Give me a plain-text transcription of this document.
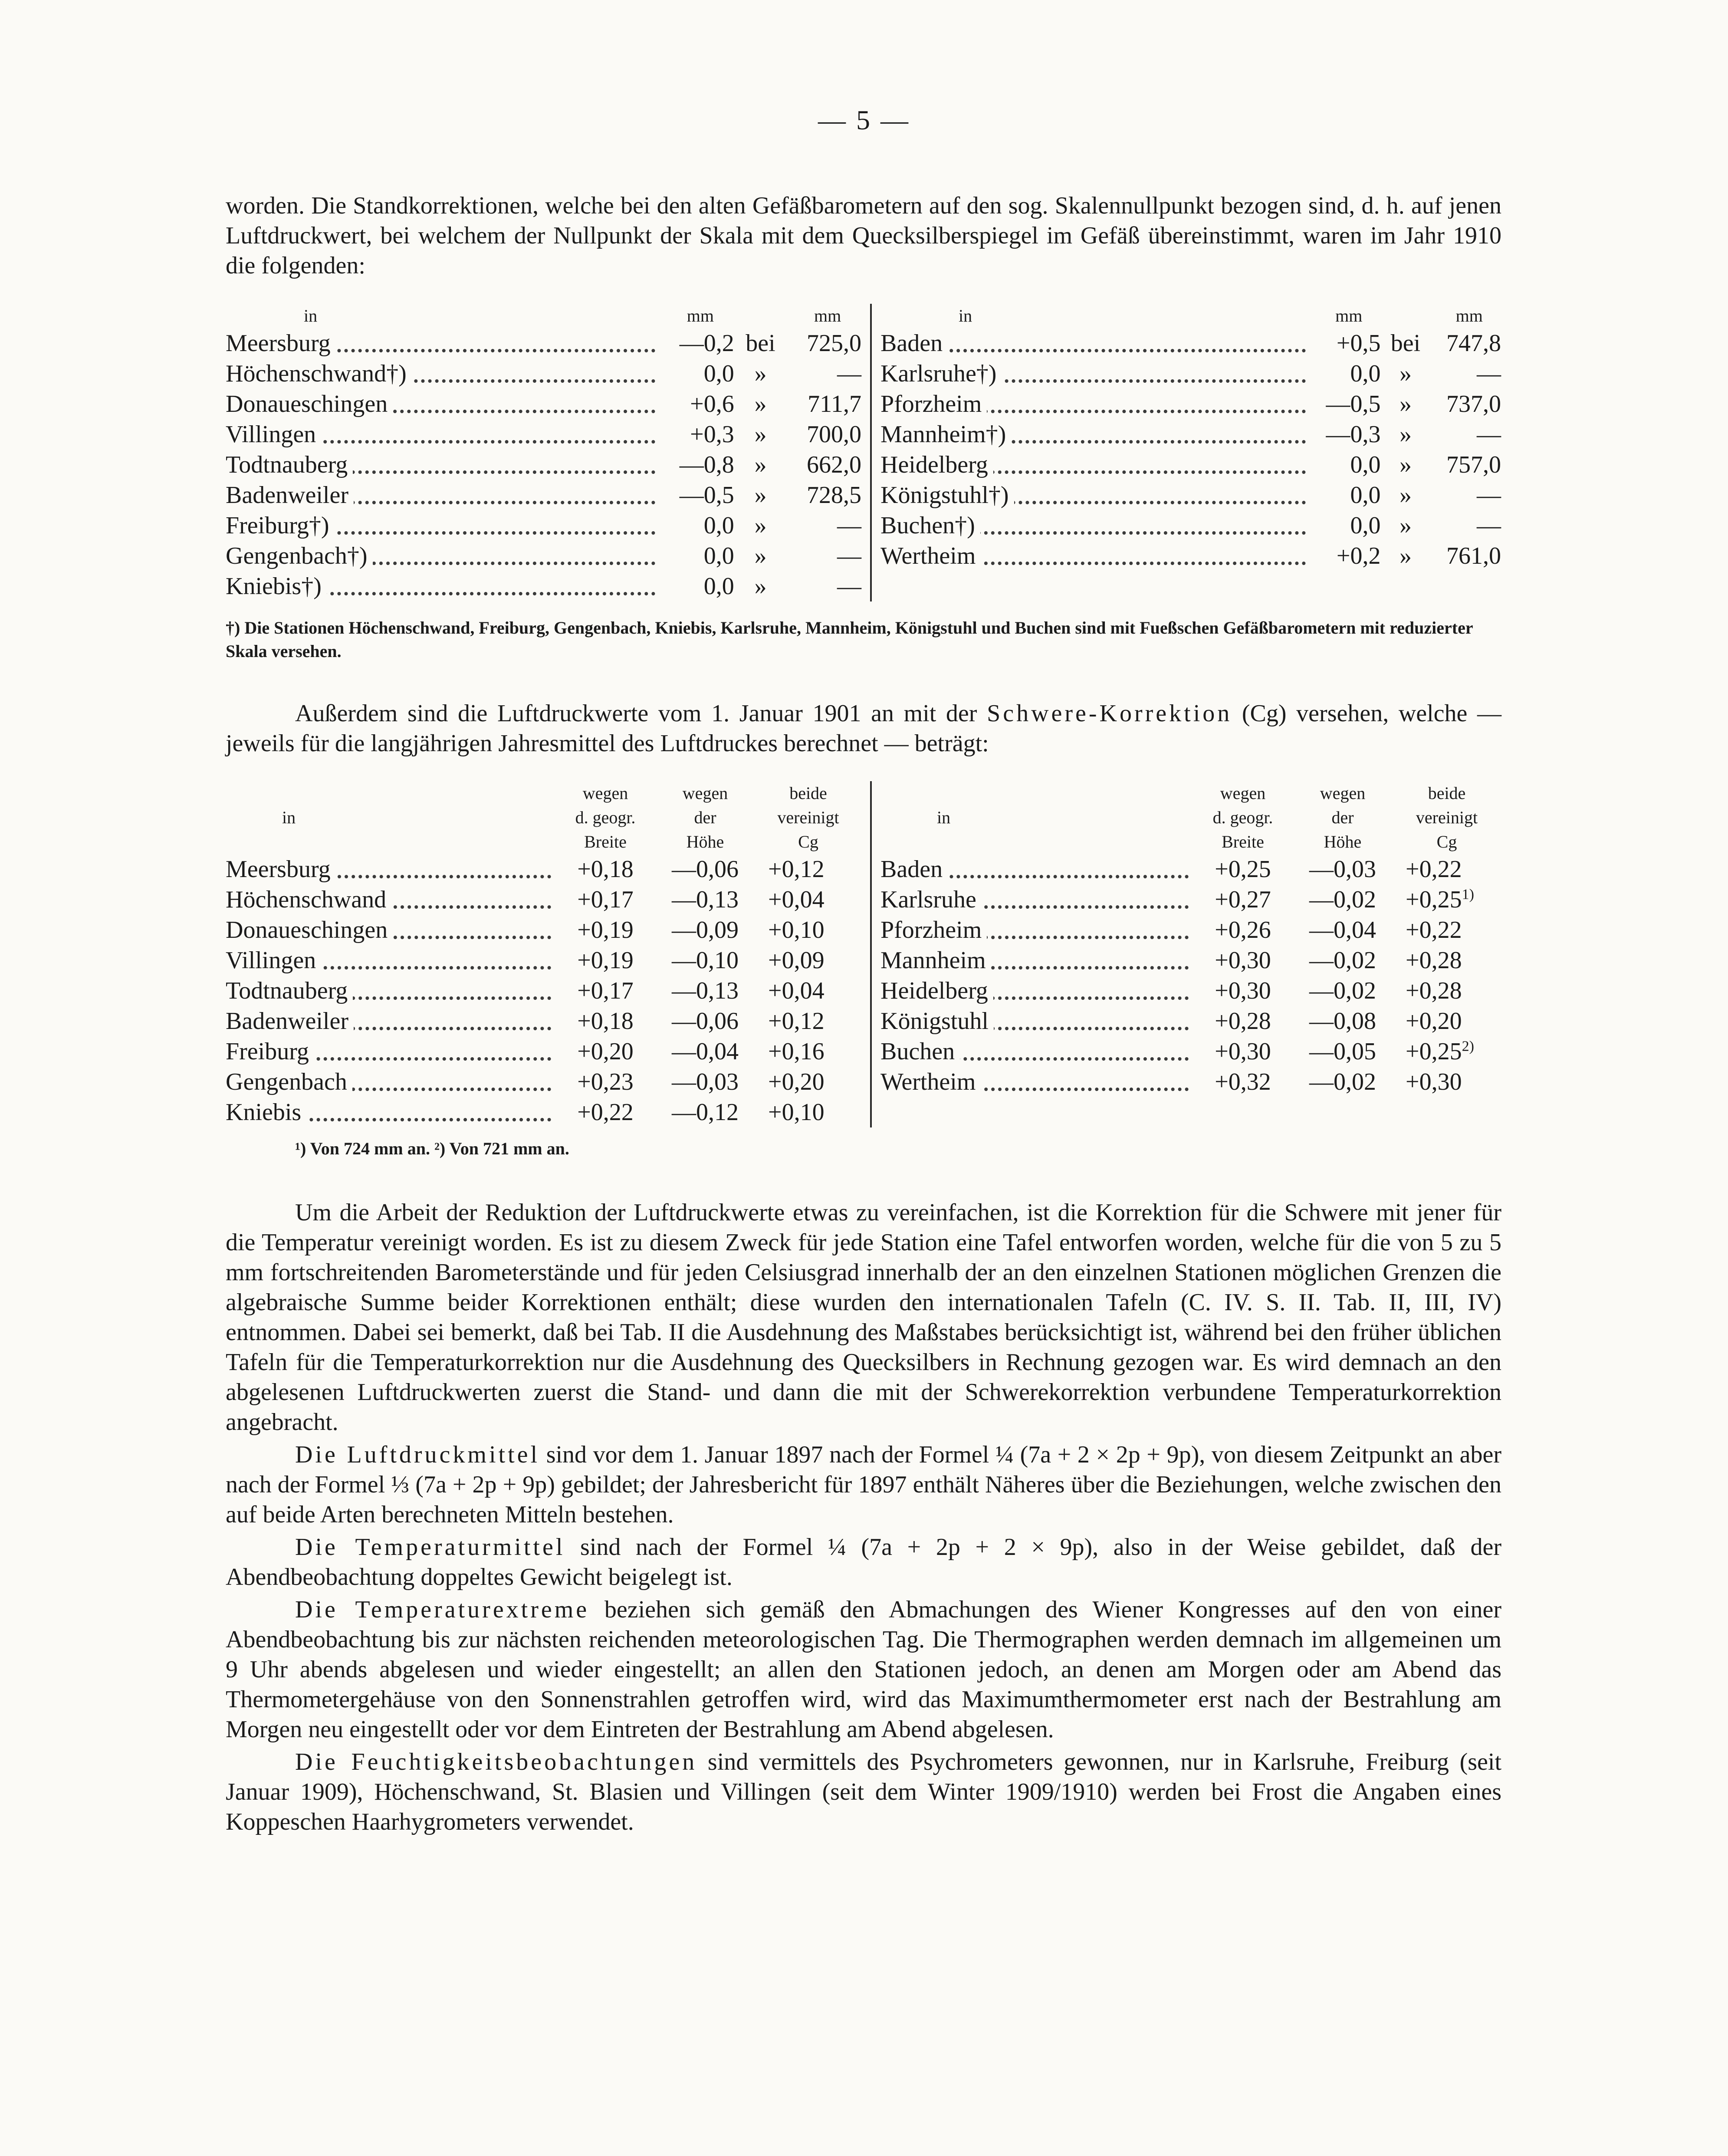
— 5 —

worden. Die Standkorrektionen, welche bei den alten Gefäßbarometern auf den sog. Skalennullpunkt bezogen sind, d. h. auf jenen Luftdruckwert, bei welchem der Nullpunkt der Skala mit dem Quecksilberspiegel im Gefäß übereinstimmt, waren im Jahr 1910 die folgenden:

in	mm		mm

Meersburg	—0,2	bei	725,0

Höchenschwand†)	0,0	»	—

Donaueschingen	+0,6	»	711,7

Villingen	+0,3	»	700,0

Todtnauberg	—0,8	»	662,0

Badenweiler	—0,5	»	728,5

Freiburg†)	0,0	»	—

Gengenbach†)	0,0	»	—

Kniebis†)	0,0	»	—
in	mm		mm

Baden	+0,5	bei	747,8

Karlsruhe†)	0,0	»	—

Pforzheim	—0,5	»	737,0

Mannheim†)	—0,3	»	—

Heidelberg	0,0	»	757,0

Königstuhl†)	0,0	»	—

Buchen†)	0,0	»	—

Wertheim	+0,2	»	761,0
†) Die Stationen Höchenschwand, Freiburg, Gengenbach, Kniebis, Karlsruhe, Mannheim, Königstuhl und Buchen sind mit Fueßschen Gefäßbarometern mit reduzierter Skala versehen.

Außerdem sind die Luftdruckwerte vom 1. Januar 1901 an mit der Schwere-Korrektion (Cg) versehen, welche — jeweils für die langjährigen Jahresmittel des Luftdruckes berechnet — beträgt:

	wegen	wegen	beide
in	d. geogr.	der	vereinigt
	Breite	Höhe	Cg

Meersburg	+0,18	—0,06	+0,12

Höchenschwand	+0,17	—0,13	+0,04

Donaueschingen	+0,19	—0,09	+0,10

Villingen	+0,19	—0,10	+0,09

Todtnauberg	+0,17	—0,13	+0,04

Badenweiler	+0,18	—0,06	+0,12

Freiburg	+0,20	—0,04	+0,16

Gengenbach	+0,23	—0,03	+0,20

Kniebis	+0,22	—0,12	+0,10
	wegen	wegen	beide
in	d. geogr.	der	vereinigt
	Breite	Höhe	Cg

Baden	+0,25	—0,03	+0,22

Karlsruhe	+0,27	—0,02	$+0,25^{1)}$

Pforzheim	+0,26	—0,04	+0,22

Mannheim	+0,30	—0,02	+0,28

Heidelberg	+0,30	—0,02	+0,28

Königstuhl	+0,28	—0,08	+0,20

Buchen	+0,30	—0,05	$+0,25^{2)}$

Wertheim	+0,32	—0,02	+0,30
¹) Von 724 mm an. ²) Von 721 mm an.

Um die Arbeit der Reduktion der Luftdruckwerte etwas zu vereinfachen, ist die Korrektion für die Schwere mit jener für die Temperatur vereinigt worden. Es ist zu diesem Zweck für jede Station eine Tafel entworfen worden, welche für die von 5 zu 5 mm fortschreitenden Barometerstände und für jeden Celsiusgrad innerhalb der an den einzelnen Stationen möglichen Grenzen die algebraische Summe beider Korrektionen enthält; diese wurden den internationalen Tafeln (C. IV. S. II. Tab. II, III, IV) entnommen. Dabei sei bemerkt, daß bei Tab. II die Ausdehnung des Maßstabes berücksichtigt ist, während bei den früher üblichen Tafeln für die Temperaturkorrektion nur die Ausdehnung des Quecksilbers in Rechnung gezogen war. Es wird demnach an den abgelesenen Luftdruckwerten zuerst die Stand- und dann die mit der Schwerekorrektion verbundene Temperaturkorrektion angebracht.

Die Luftdruckmittel sind vor dem 1. Januar 1897 nach der Formel ¼ (7a + 2 × 2p + 9p), von diesem Zeitpunkt an aber nach der Formel ⅓ (7a + 2p + 9p) gebildet; der Jahresbericht für 1897 enthält Näheres über die Beziehungen, welche zwischen den auf beide Arten berechneten Mitteln bestehen.

Die Temperaturmittel sind nach der Formel ¼ (7a + 2p + 2 × 9p), also in der Weise gebildet, daß der Abendbeobachtung doppeltes Gewicht beigelegt ist.

Die Temperaturextreme beziehen sich gemäß den Abmachungen des Wiener Kongresses auf den von einer Abendbeobachtung bis zur nächsten reichenden meteorologischen Tag. Die Thermographen werden demnach im allgemeinen um 9 Uhr abends abgelesen und wieder eingestellt; an allen den Stationen jedoch, an denen am Morgen oder am Abend das Thermometergehäuse von den Sonnenstrahlen getroffen wird, wird das Maximumthermometer erst nach der Bestrahlung am Morgen neu eingestellt oder vor dem Eintreten der Bestrahlung am Abend abgelesen.

Die Feuchtigkeitsbeobachtungen sind vermittels des Psychrometers gewonnen, nur in Karlsruhe, Freiburg (seit Januar 1909), Höchenschwand, St. Blasien und Villingen (seit dem Winter 1909/1910) werden bei Frost die Angaben eines Koppeschen Haarhygrometers verwendet.
